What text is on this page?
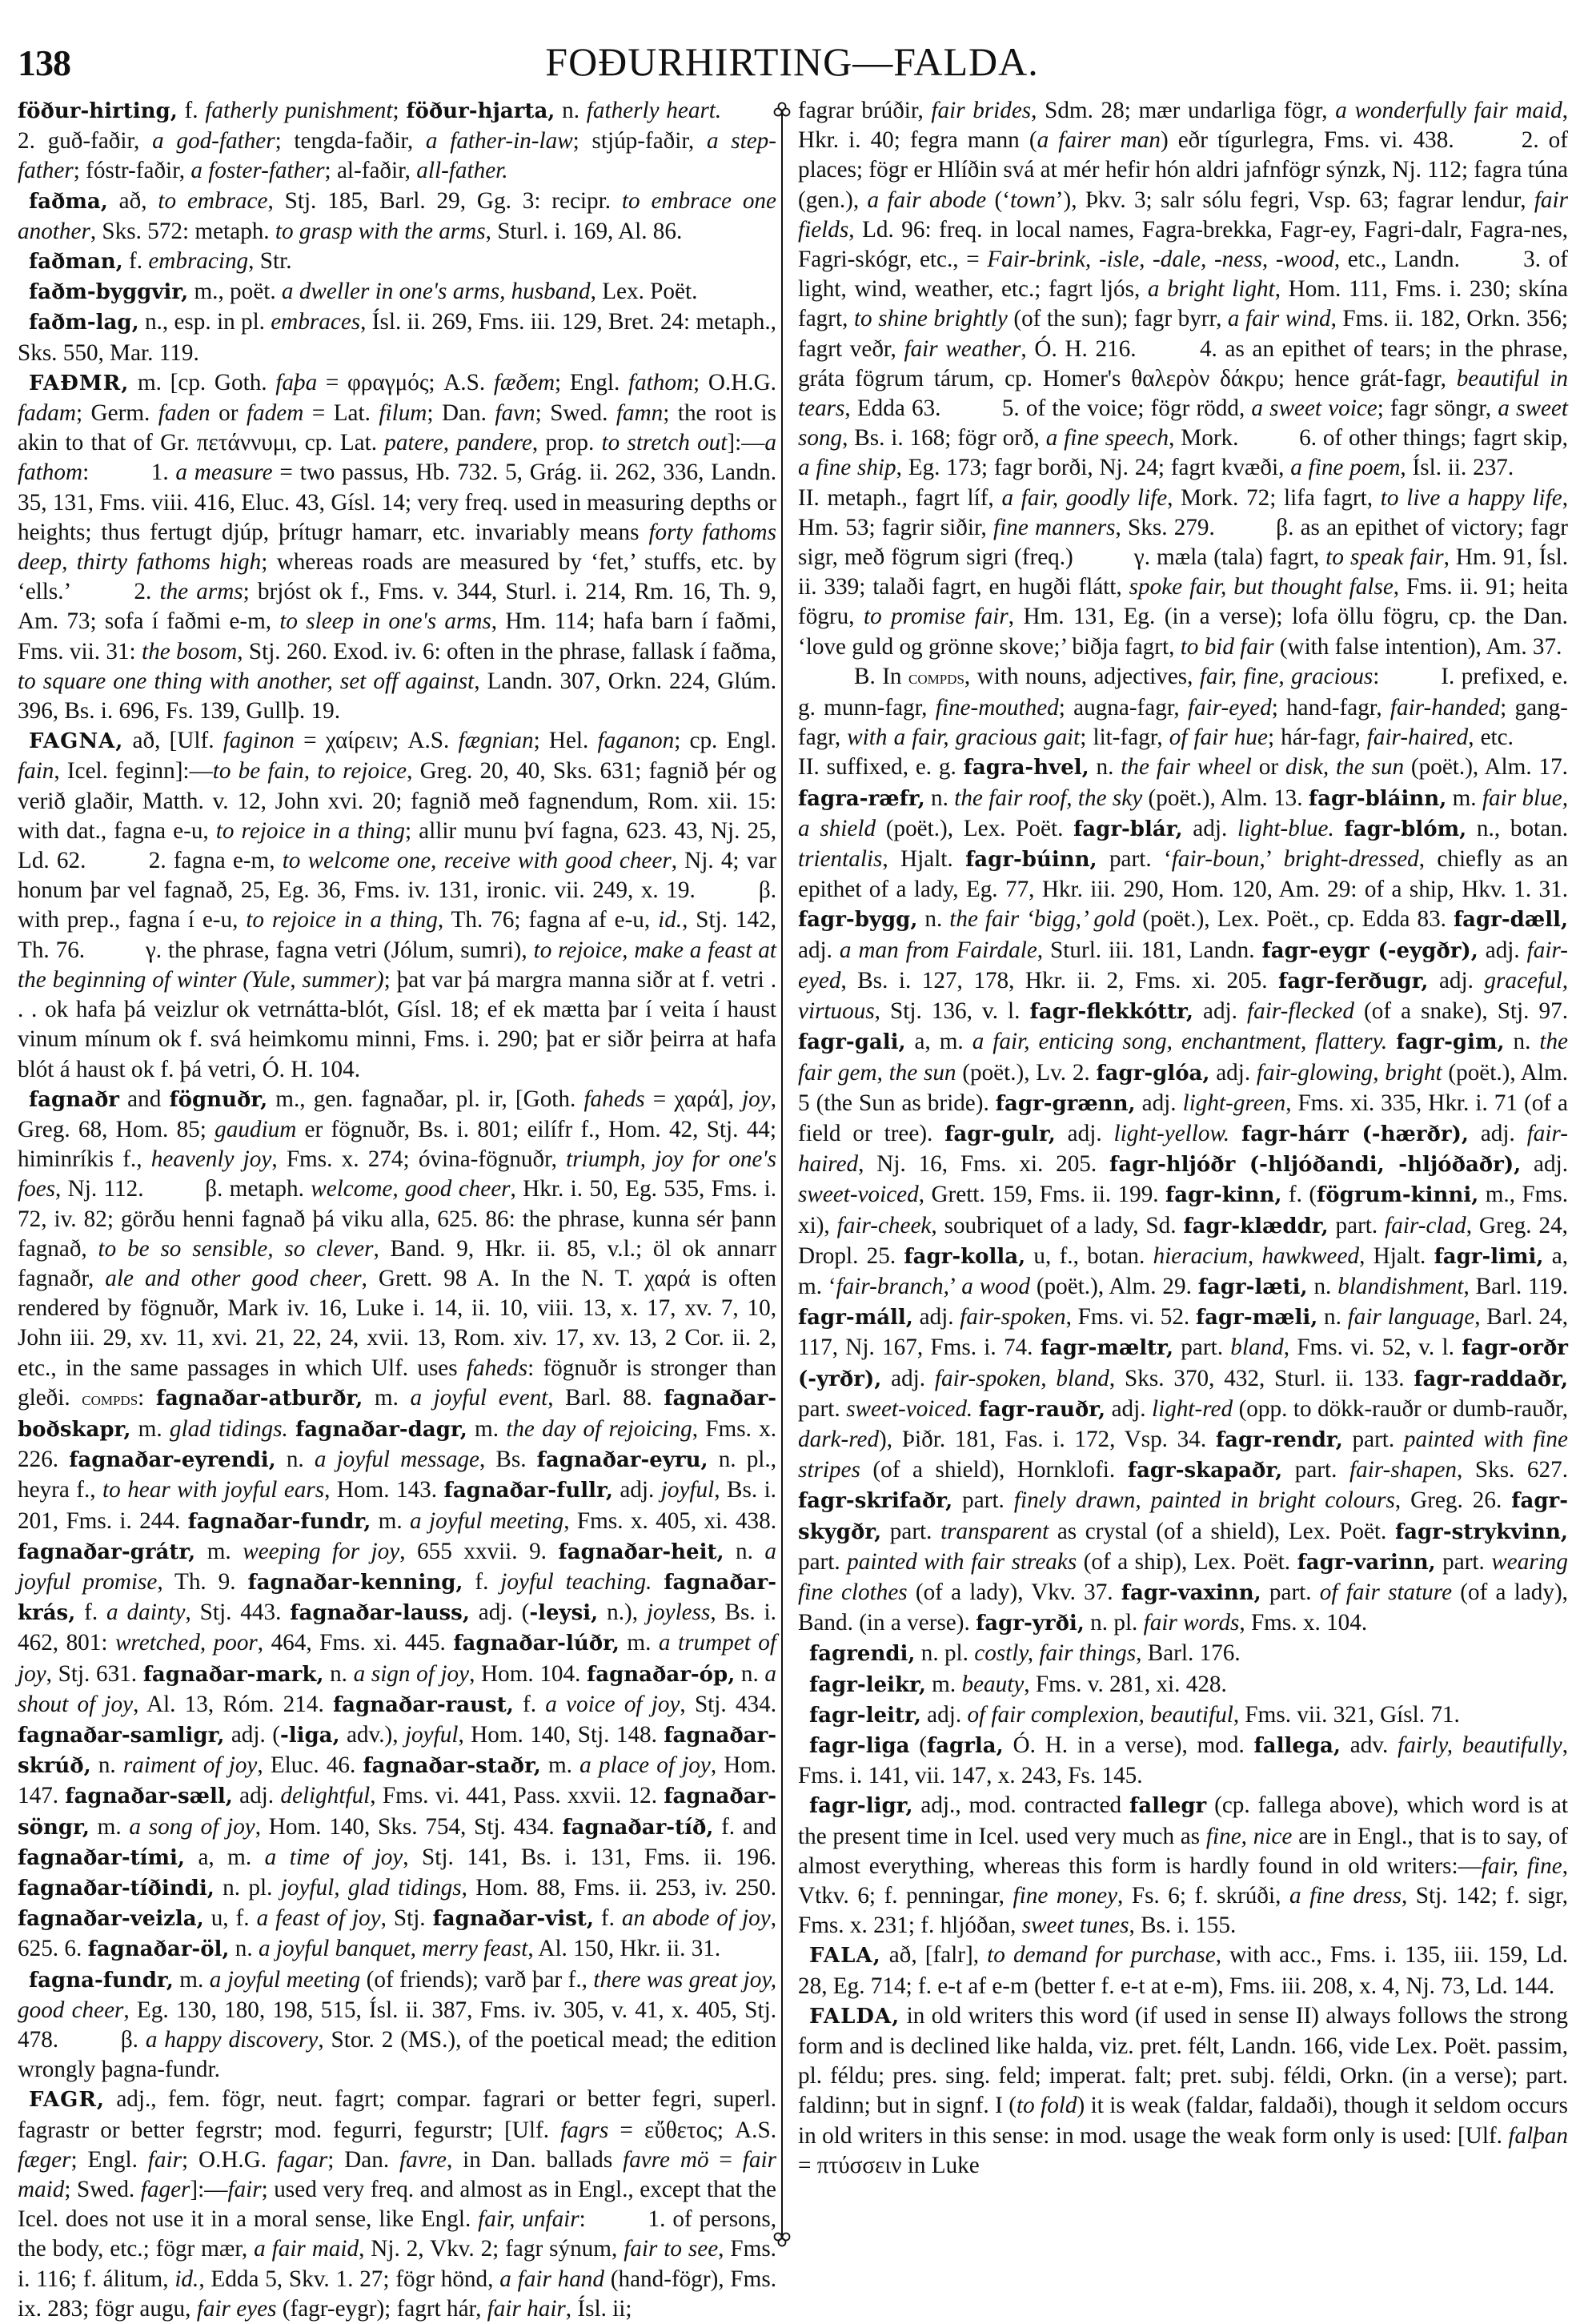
138	FOÐURHIRTING—FALDA.

föður-hirting, f. fatherly punishment; föður-hjarta, n. fatherly heart.  2. guð-faðir, a god-father; tengda-faðir, a father-in-law; stjúp-faðir, a step-father; fóstr-faðir, a foster-father; al-faðir, all-father.

faðma, að, to embrace, Stj. 185, Barl. 29, Gg. 3: recipr. to embrace one another, Sks. 572: metaph. to grasp with the arms, Sturl. i. 169, Al. 86.

faðman, f. embracing, Str.

faðm-byggvir, m., poët. a dweller in one's arms, husband, Lex. Poët.

faðm-lag, n., esp. in pl. embraces, Ísl. ii. 269, Fms. iii. 129, Bret. 24: metaph., Sks. 550, Mar. 119.

FAÐMR, m. [cp. Goth. faþa = φραγμός; A.S. fæðem; Engl. fathom; O.H.G. fadam; Germ. faden or fadem = Lat. filum; Dan. favn; Swed. famn; the root is akin to that of Gr. πετάννυμι, cp. Lat. patere, pandere, prop. to stretch out]:—a fathom:  1. a measure = two passus, Hb. 732. 5, Grág. ii. 262, 336, Landn. 35, 131, Fms. viii. 416, Eluc. 43, Gísl. 14; very freq. used in measuring depths or heights; thus fertugt djúp, þrítugr hamarr, etc. invariably means forty fathoms deep, thirty fathoms high; whereas roads are measured by ‘fet,’ stuffs, etc. by ‘ells.’  2. the arms; brjóst ok f., Fms. v. 344, Sturl. i. 214, Rm. 16, Th. 9, Am. 73; sofa í faðmi e-m, to sleep in one's arms, Hm. 114; hafa barn í faðmi, Fms. vii. 31: the bosom, Stj. 260. Exod. iv. 6: often in the phrase, fallask í faðma, to square one thing with another, set off against, Landn. 307, Orkn. 224, Glúm. 396, Bs. i. 696, Fs. 139, Gullþ. 19.

FAGNA, að, [Ulf. faginon = χαίρειν; A.S. fægnian; Hel. faganon; cp. Engl. fain, Icel. feginn]:—to be fain, to rejoice, Greg. 20, 40, Sks. 631; fagnið þér og verið glaðir, Matth. v. 12, John xvi. 20; fagnið með fagnendum, Rom. xii. 15: with dat., fagna e-u, to rejoice in a thing; allir munu því fagna, 623. 43, Nj. 25, Ld. 62.  2. fagna e-m, to welcome one, receive with good cheer, Nj. 4; var honum þar vel fagnað, 25, Eg. 36, Fms. iv. 131, ironic. vii. 249, x. 19.  β. with prep., fagna í e-u, to rejoice in a thing, Th. 76; fagna af e-u, id., Stj. 142, Th. 76.  γ. the phrase, fagna vetri (Jólum, sumri), to rejoice, make a feast at the beginning of winter (Yule, summer); þat var þá margra manna siðr at f. vetri . . . ok hafa þá veizlur ok vetrnátta-blót, Gísl. 18; ef ek mætta þar í veita í haust vinum mínum ok f. svá heimkomu minni, Fms. i. 290; þat er siðr þeirra at hafa blót á haust ok f. þá vetri, Ó. H. 104.

fagnaðr and fögnuðr, m., gen. fagnaðar, pl. ir, [Goth. faheds = χαρά], joy, Greg. 68, Hom. 85; gaudium er fögnuðr, Bs. i. 801; eilífr f., Hom. 42, Stj. 44; himinríkis f., heavenly joy, Fms. x. 274; óvina-fögnuðr, triumph, joy for one's foes, Nj. 112.  β. metaph. welcome, good cheer, Hkr. i. 50, Eg. 535, Fms. i. 72, iv. 82; görðu henni fagnað þá viku alla, 625. 86: the phrase, kunna sér þann fagnað, to be so sensible, so clever, Band. 9, Hkr. ii. 85, v.l.; öl ok annarr fagnaðr, ale and other good cheer, Grett. 98 A. In the N. T. χαρά is often rendered by fögnuðr, Mark iv. 16, Luke i. 14, ii. 10, viii. 13, x. 17, xv. 7, 10, John iii. 29, xv. 11, xvi. 21, 22, 24, xvii. 13, Rom. xiv. 17, xv. 13, 2 Cor. ii. 2, etc., in the same passages in which Ulf. uses faheds: fögnuðr is stronger than gleði. compds: fagnaðar-atburðr, m. a joyful event, Barl. 88. fagnaðar-boðskapr, m. glad tidings. fagnaðar-dagr, m. the day of rejoicing, Fms. x. 226. fagnaðar-eyrendi, n. a joyful message, Bs. fagnaðar-eyru, n. pl., heyra f., to hear with joyful ears, Hom. 143. fagnaðar-fullr, adj. joyful, Bs. i. 201, Fms. i. 244. fagnaðar-fundr, m. a joyful meeting, Fms. x. 405, xi. 438. fagnaðar-grátr, m. weeping for joy, 655 xxvii. 9. fagnaðar-heit, n. a joyful promise, Th. 9. fagnaðar-kenning, f. joyful teaching. fagnaðar-krás, f. a dainty, Stj. 443. fagnaðar-lauss, adj. (-leysi, n.), joyless, Bs. i. 462, 801: wretched, poor, 464, Fms. xi. 445. fagnaðar-lúðr, m. a trumpet of joy, Stj. 631. fagnaðar-mark, n. a sign of joy, Hom. 104. fagnaðar-óp, n. a shout of joy, Al. 13, Róm. 214. fagnaðar-raust, f. a voice of joy, Stj. 434. fagnaðar-samligr, adj. (-liga, adv.), joyful, Hom. 140, Stj. 148. fagnaðar-skrúð, n. raiment of joy, Eluc. 46. fagnaðar-staðr, m. a place of joy, Hom. 147. fagnaðar-sæll, adj. delightful, Fms. vi. 441, Pass. xxvii. 12. fagnaðar-söngr, m. a song of joy, Hom. 140, Sks. 754, Stj. 434. fagnaðar-tíð, f. and fagnaðar-tími, a, m. a time of joy, Stj. 141, Bs. i. 131, Fms. ii. 196. fagnaðar-tíðindi, n. pl. joyful, glad tidings, Hom. 88, Fms. ii. 253, iv. 250. fagnaðar-veizla, u, f. a feast of joy, Stj. fagnaðar-vist, f. an abode of joy, 625. 6. fagnaðar-öl, n. a joyful banquet, merry feast, Al. 150, Hkr. ii. 31.

fagna-fundr, m. a joyful meeting (of friends); varð þar f., there was great joy, good cheer, Eg. 130, 180, 198, 515, Ísl. ii. 387, Fms. iv. 305, v. 41, x. 405, Stj. 478.  β. a happy discovery, Stor. 2 (MS.), of the poetical mead; the edition wrongly þagna-fundr.

FAGR, adj., fem. fögr, neut. fagrt; compar. fagrari or better fegri, superl. fagrastr or better fegrstr; mod. fegurri, fegurstr; [Ulf. fagrs = εὔθετος; A.S. fæger; Engl. fair; O.H.G. fagar; Dan. favre, in Dan. ballads favre mö = fair maid; Swed. fager]:—fair; used very freq. and almost as in Engl., except that the Icel. does not use it in a moral sense, like Engl. fair, unfair:  1. of persons, the body, etc.; fögr mær, a fair maid, Nj. 2, Vkv. 2; fagr sýnum, fair to see, Fms. i. 116; f. álitum, id., Edda 5, Skv. 1. 27; fögr hönd, a fair hand (hand-fögr), Fms. ix. 283; fögr augu, fair eyes (fagr-eygr); fagrt hár, fair hair, Ísl. ii;

fagrar brúðir, fair brides, Sdm. 28; mær undarliga fögr, a wonderfully fair maid, Hkr. i. 40; fegra mann (a fairer man) eðr tígurlegra, Fms. vi. 438.  2. of places; fögr er Hlíðin svá at mér hefir hón aldri jafnfögr sýnzk, Nj. 112; fagra túna (gen.), a fair abode (‘town’), Þkv. 3; salr sólu fegri, Vsp. 63; fagrar lendur, fair fields, Ld. 96: freq. in local names, Fagra-brekka, Fagr-ey, Fagri-dalr, Fagra-nes, Fagri-skógr, etc., = Fair-brink, -isle, -dale, -ness, -wood, etc., Landn.  3. of light, wind, weather, etc.; fagrt ljós, a bright light, Hom. 111, Fms. i. 230; skína fagrt, to shine brightly (of the sun); fagr byrr, a fair wind, Fms. ii. 182, Orkn. 356; fagrt veðr, fair weather, Ó. H. 216.  4. as an epithet of tears; in the phrase, gráta fögrum tárum, cp. Homer's θαλερὸν δάκρυ; hence grát-fagr, beautiful in tears, Edda 63.  5. of the voice; fögr rödd, a sweet voice; fagr söngr, a sweet song, Bs. i. 168; fögr orð, a fine speech, Mork.  6. of other things; fagrt skip, a fine ship, Eg. 173; fagr borði, Nj. 24; fagrt kvæði, a fine poem, Ísl. ii. 237.  II. metaph., fagrt líf, a fair, goodly life, Mork. 72; lifa fagrt, to live a happy life, Hm. 53; fagrir siðir, fine manners, Sks. 279.  β. as an epithet of victory; fagr sigr, með fögrum sigri (freq.)  γ. mæla (tala) fagrt, to speak fair, Hm. 91, Ísl. ii. 339; talaði fagrt, en hugði flátt, spoke fair, but thought false, Fms. ii. 91; heita fögru, to promise fair, Hm. 131, Eg. (in a verse); lofa öllu fögru, cp. the Dan. ‘love guld og grönne skove;’ biðja fagrt, to bid fair (with false intention), Am. 37.

B. In compds, with nouns, adjectives, fair, fine, gracious:  I. prefixed, e. g. munn-fagr, fine-mouthed; augna-fagr, fair-eyed; hand-fagr, fair-handed; gang-fagr, with a fair, gracious gait; lit-fagr, of fair hue; hár-fagr, fair-haired, etc.  II. suffixed, e. g. fagra-hvel, n. the fair wheel or disk, the sun (poët.), Alm. 17. fagra-ræfr, n. the fair roof, the sky (poët.), Alm. 13. fagr-bláinn, m. fair blue, a shield (poët.), Lex. Poët. fagr-blár, adj. light-blue. fagr-blóm, n., botan. trientalis, Hjalt. fagr-búinn, part. ‘fair-boun,’ bright-dressed, chiefly as an epithet of a lady, Eg. 77, Hkr. iii. 290, Hom. 120, Am. 29: of a ship, Hkv. 1. 31. fagr-bygg, n. the fair ‘bigg,’ gold (poët.), Lex. Poët., cp. Edda 83. fagr-dæll, adj. a man from Fairdale, Sturl. iii. 181, Landn. fagr-eygr (-eygðr), adj. fair-eyed, Bs. i. 127, 178, Hkr. ii. 2, Fms. xi. 205. fagr-ferðugr, adj. graceful, virtuous, Stj. 136, v. l. fagr-flekkóttr, adj. fair-flecked (of a snake), Stj. 97. fagr-gali, a, m. a fair, enticing song, enchantment, flattery. fagr-gim, n. the fair gem, the sun (poët.), Lv. 2. fagr-glóa, adj. fair-glowing, bright (poët.), Alm. 5 (the Sun as bride). fagr-grænn, adj. light-green, Fms. xi. 335, Hkr. i. 71 (of a field or tree). fagr-gulr, adj. light-yellow. fagr-hárr (-hærðr), adj. fair-haired, Nj. 16, Fms. xi. 205. fagr-hljóðr (-hljóðandi, -hljóðaðr), adj. sweet-voiced, Grett. 159, Fms. ii. 199. fagr-kinn, f. (fögrum-kinni, m., Fms. xi), fair-cheek, soubriquet of a lady, Sd. fagr-klæddr, part. fair-clad, Greg. 24, Dropl. 25. fagr-kolla, u, f., botan. hieracium, hawkweed, Hjalt. fagr-limi, a, m. ‘fair-branch,’ a wood (poët.), Alm. 29. fagr-læti, n. blandishment, Barl. 119. fagr-máll, adj. fair-spoken, Fms. vi. 52. fagr-mæli, n. fair language, Barl. 24, 117, Nj. 167, Fms. i. 74. fagr-mæltr, part. bland, Fms. vi. 52, v. l. fagr-orðr (-yrðr), adj. fair-spoken, bland, Sks. 370, 432, Sturl. ii. 133. fagr-raddaðr, part. sweet-voiced. fagr-rauðr, adj. light-red (opp. to dökk-rauðr or dumb-rauðr, dark-red), Þiðr. 181, Fas. i. 172, Vsp. 34. fagr-rendr, part. painted with fine stripes (of a shield), Hornklofi. fagr-skapaðr, part. fair-shapen, Sks. 627. fagr-skrifaðr, part. finely drawn, painted in bright colours, Greg. 26. fagr-skygðr, part. transparent as crystal (of a shield), Lex. Poët. fagr-strykvinn, part. painted with fair streaks (of a ship), Lex. Poët. fagr-varinn, part. wearing fine clothes (of a lady), Vkv. 37. fagr-vaxinn, part. of fair stature (of a lady), Band. (in a verse). fagr-yrði, n. pl. fair words, Fms. x. 104.

fagrendi, n. pl. costly, fair things, Barl. 176.

fagr-leikr, m. beauty, Fms. v. 281, xi. 428.

fagr-leitr, adj. of fair complexion, beautiful, Fms. vii. 321, Gísl. 71.

fagr-liga (fagrla, Ó. H. in a verse), mod. fallega, adv. fairly, beautifully, Fms. i. 141, vii. 147, x. 243, Fs. 145.

fagr-ligr, adj., mod. contracted fallegr (cp. fallega above), which word is at the present time in Icel. used very much as fine, nice are in Engl., that is to say, of almost everything, whereas this form is hardly found in old writers:—fair, fine, Vtkv. 6; f. penningar, fine money, Fs. 6; f. skrúði, a fine dress, Stj. 142; f. sigr, Fms. x. 231; f. hljóðan, sweet tunes, Bs. i. 155.

FALA, að, [falr], to demand for purchase, with acc., Fms. i. 135, iii. 159, Ld. 28, Eg. 714; f. e-t af e-m (better f. e-t at e-m), Fms. iii. 208, x. 4, Nj. 73, Ld. 144.

FALDA, in old writers this word (if used in sense II) always follows the strong form and is declined like halda, viz. pret. félt, Landn. 166, vide Lex. Poët. passim, pl. féldu; pres. sing. feld; imperat. falt; pret. subj. féldi, Orkn. (in a verse); part. faldinn; but in signf. I (to fold) it is weak (faldar, faldaði), though it seldom occurs in old writers in this sense: in mod. usage the weak form only is used: [Ulf. falþan = πτύσσειν in Luke
